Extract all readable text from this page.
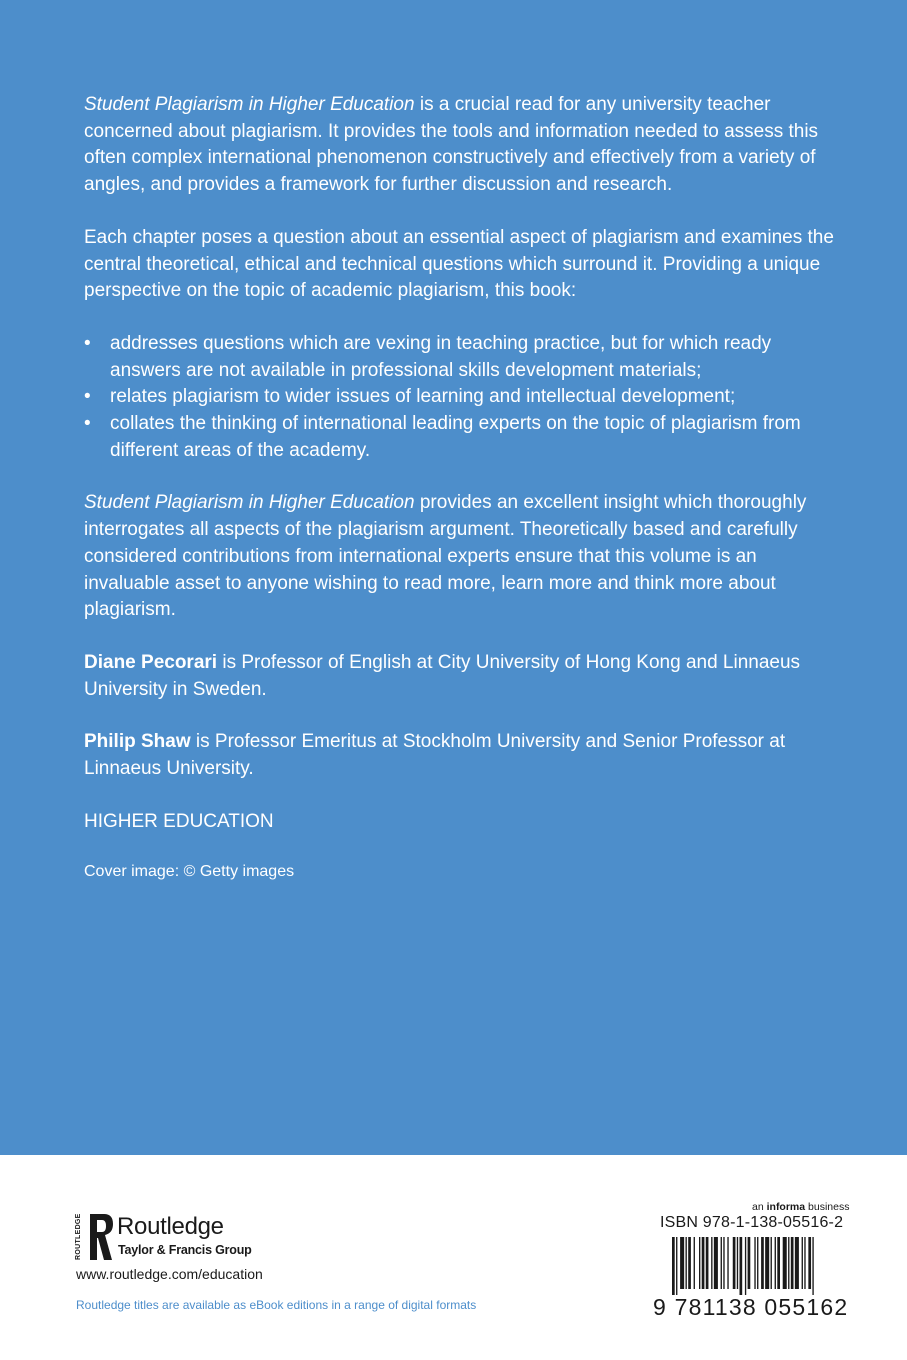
Student Plagiarism in Higher Education is a crucial read for any university teacher concerned about plagiarism. It provides the tools and information needed to assess this often complex international phenomenon constructively and effectively from a variety of angles, and provides a framework for further discussion and research.

Each chapter poses a question about an essential aspect of plagiarism and examines the central theoretical, ethical and technical questions which surround it. Providing a unique perspective on the topic of academic plagiarism, this book:

• addresses questions which are vexing in teaching practice, but for which ready answers are not available in professional skills development materials;
• relates plagiarism to wider issues of learning and intellectual development;
• collates the thinking of international leading experts on the topic of plagiarism from different areas of the academy.

Student Plagiarism in Higher Education provides an excellent insight which thoroughly interrogates all aspects of the plagiarism argument. Theoretically based and carefully considered contributions from international experts ensure that this volume is an invaluable asset to anyone wishing to read more, learn more and think more about plagiarism.

Diane Pecorari is Professor of English at City University of Hong Kong and Linnaeus University in Sweden.

Philip Shaw is Professor Emeritus at Stockholm University and Senior Professor at Linnaeus University.

HIGHER EDUCATION

Cover image: © Getty images

ROUTLEDGE Routledge
Taylor & Francis Group
www.routledge.com/education
Routledge titles are available as eBook editions in a range of digital formats
an informa business
ISBN 978-1-138-05516-2
9 781138 055162
